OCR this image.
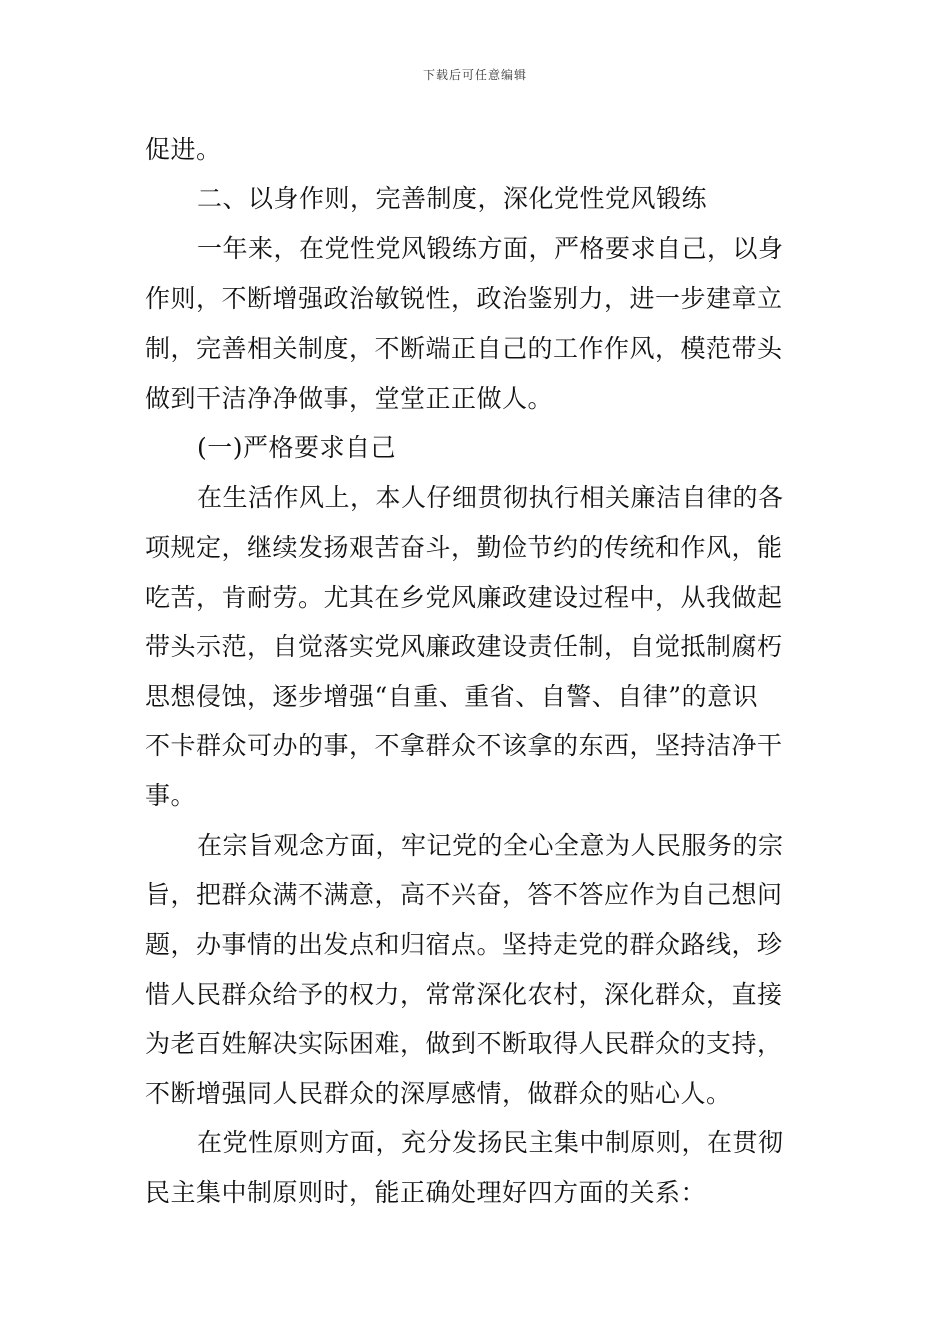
下载后可任意编辑
促进。
二、以身作则，完善制度，深化党性党风锻练
一年来，在党性党风锻练方面，严格要求自己，以身
作则，不断增强政治敏锐性，政治鉴别力，进一步建章立
制，完善相关制度，不断端正自己的工作作风，模范带头
做到干洁净净做事，堂堂正正做人。
(一)严格要求自己
在生活作风上，本人仔细贯彻执行相关廉洁自律的各
项规定，继续发扬艰苦奋斗，勤俭节约的传统和作风，能
吃苦，肯耐劳。尤其在乡党风廉政建设过程中，从我做起
带头示范，自觉落实党风廉政建设责任制，自觉抵制腐朽
思想侵蚀，逐步增强“自重、重省、自警、自律”的意识
不卡群众可办的事，不拿群众不该拿的东西，坚持洁净干
事。
在宗旨观念方面，牢记党的全心全意为人民服务的宗
旨，把群众满不满意，高不兴奋，答不答应作为自己想问
题，办事情的出发点和归宿点。坚持走党的群众路线，珍
惜人民群众给予的权力，常常深化农村，深化群众，直接
为老百姓解决实际困难，做到不断取得人民群众的支持，
不断增强同人民群众的深厚感情，做群众的贴心人。
在党性原则方面，充分发扬民主集中制原则，在贯彻
民主集中制原则时，能正确处理好四方面的关系：
